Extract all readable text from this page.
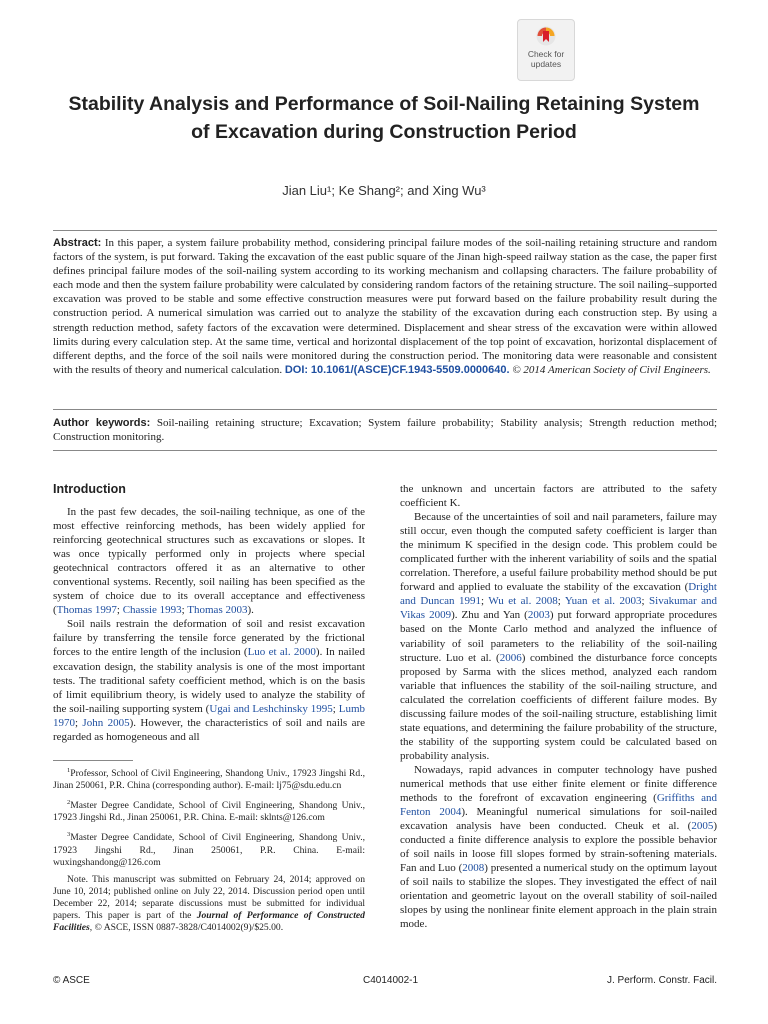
Check for updates
Stability Analysis and Performance of Soil-Nailing Retaining System of Excavation during Construction Period
Jian Liu¹; Ke Shang²; and Xing Wu³

Abstract: In this paper, a system failure probability method, considering principal failure modes of the soil-nailing retaining structure and random factors of the system, is put forward. Taking the excavation of the east public square of the Jinan high-speed railway station as the case, the paper first defines principal failure modes of the soil-nailing system according to its working mechanism and collapsing characters. The failure probability of each mode and then the system failure probability were calculated by considering random factors of the retaining structure. The soil nailing–supported excavation was proved to be stable and some effective construction measures were put forward based on the failure probability result during the construction period. A numerical simulation was carried out to analyze the stability of the excavation during each construction step. By using a strength reduction method, safety factors of the excavation were determined. Displacement and shear stress of the excavation were within allowed limits during every calculation step. At the same time, vertical and horizontal displacement of the top point of excavation, horizontal displacement of different depths, and the force of the soil nails were monitored during the construction period. The monitoring data were reasonable and consistent with the results of theory and numerical calculation. DOI: 10.1061/(ASCE)CF.1943-5509.0000640. © 2014 American Society of Civil Engineers.

Author keywords: Soil-nailing retaining structure; Excavation; System failure probability; Stability analysis; Strength reduction method; Construction monitoring.

Introduction

In the past few decades, the soil-nailing technique, as one of the most effective reinforcing methods, has been widely applied for reinforcing geotechnical structures such as excavations or slopes. It was once typically performed only in projects where special geotechnical contractors offered it as an alternative to other conventional systems. Recently, soil nailing has been specified as the system of choice due to its overall acceptance and effectiveness (Thomas 1997; Chassie 1993; Thomas 2003).

Soil nails restrain the deformation of soil and resist excavation failure by transferring the tensile force generated by the frictional forces to the entire length of the inclusion (Luo et al. 2000). In nailed excavation design, the stability analysis is one of the most important tests. The traditional safety coefficient method, which is on the basis of limit equilibrium theory, is widely used to analyze the stability of the soil-nailing supporting system (Ugai and Leshchinsky 1995; Lumb 1970; John 2005). However, the characteristics of soil and nails are regarded as homogeneous and all

$^1$Professor, School of Civil Engineering, Shandong Univ., 17923 Jingshi Rd., Jinan 250061, P.R. China (corresponding author). E-mail: lj75@sdu.edu.cn

$^2$Master Degree Candidate, School of Civil Engineering, Shandong Univ., 17923 Jingshi Rd., Jinan 250061, P.R. China. E-mail: sklnts@126.com

$^3$Master Degree Candidate, School of Civil Engineering, Shandong Univ., 17923 Jingshi Rd., Jinan 250061, P.R. China. E-mail: wuxingshandong@126.com

Note. This manuscript was submitted on February 24, 2014; approved on June 10, 2014; published online on July 22, 2014. Discussion period open until December 22, 2014; separate discussions must be submitted for individual papers. This paper is part of the Journal of Performance of Constructed Facilities, © ASCE, ISSN 0887-3828/C4014002(9)/$25.00.

the unknown and uncertain factors are attributed to the safety coefficient K.

Because of the uncertainties of soil and nail parameters, failure may still occur, even though the computed safety coefficient is larger than the minimum K specified in the design code. This problem could be complicated further with the inherent variability of soils and the spatial correlation. Therefore, a useful failure probability method should be put forward and applied to evaluate the stability of the excavation (Dright and Duncan 1991; Wu et al. 2008; Yuan et al. 2003; Sivakumar and Vikas 2009). Zhu and Yan (2003) put forward appropriate procedures based on the Monte Carlo method and analyzed the influence of variability of soil parameters to the reliability of the soil-nailing structure. Luo et al. (2006) combined the disturbance force concepts proposed by Sarma with the slices method, analyzed each random variable that influences the stability of the soil-nailing structure, and calculated the correlation coefficients of different failure modes. By discussing failure modes of the soil-nailing structure, establishing limit state equations, and determining the failure probability of the structure, the stability of the supporting system could be calculated based on probability analysis.

Nowadays, rapid advances in computer technology have pushed numerical methods that use either finite element or finite difference methods to the forefront of excavation engineering (Griffiths and Fenton 2004). Meaningful numerical simulations for soil-nailed excavation analysis have been conducted. Cheuk et al. (2005) conducted a finite difference analysis to explore the possible behavior of soil nails in loose fill slopes formed by strain-softening materials. Fan and Luo (2008) presented a numerical study on the optimum layout of soil nails to stabilize the slopes. They investigated the effect of nail orientation and geometric layout on the overall stability of soil-nailed slopes by using the nonlinear finite element approach in the plain strain mode.

© ASCE	C4014002-1	J. Perform. Constr. Facil.
